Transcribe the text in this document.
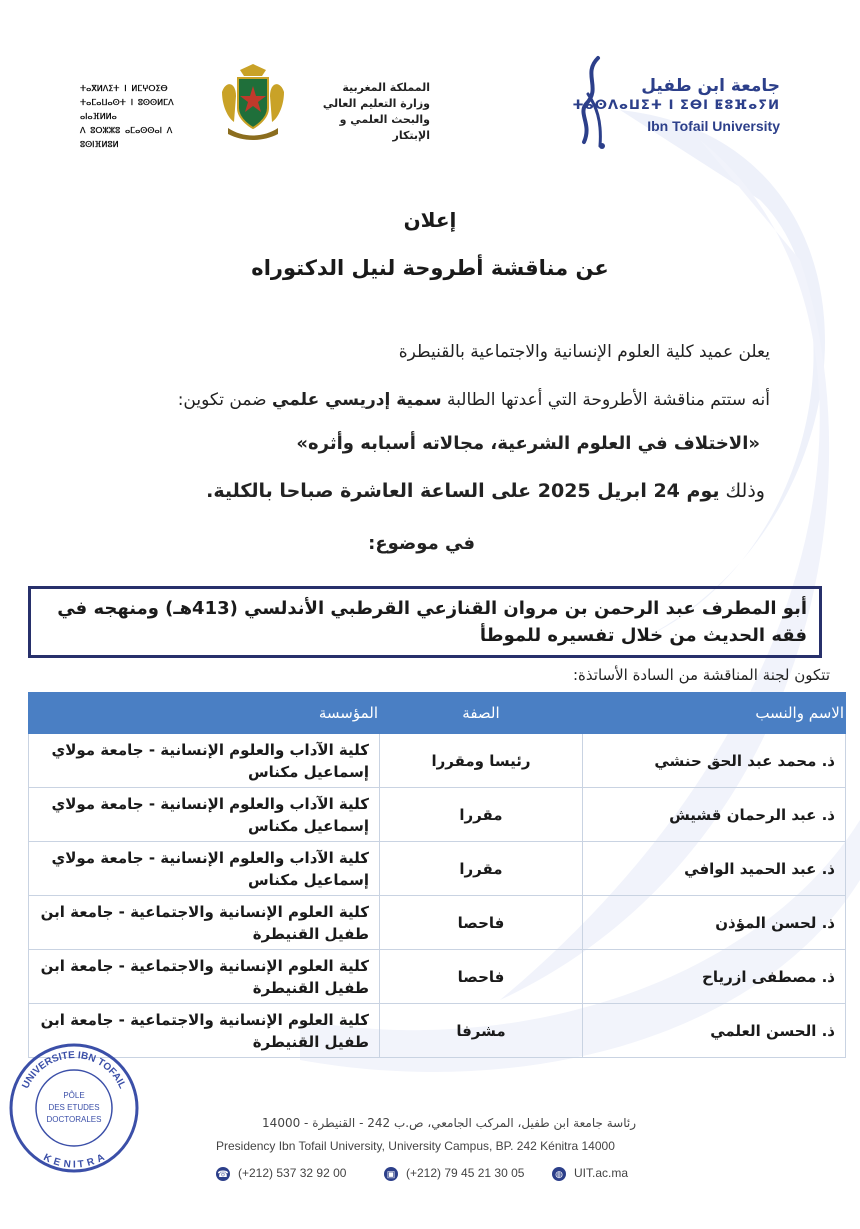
جامعة ابن طفيل
ⵜⴰⵙⴷⴰⵡⵉⵜ ⵏ ⵉⴱⵏ ⵟⵓⴼⴰⵢⵍ
Ibn Tofail University
المملكة المغربية
وزارة التعليم العالي
والبحث العلمي و الإبتكار
ⵜⴰⴳⵍⴷⵉⵜ ⵏ ⵍⵎⵖⵔⵉⴱ
ⵜⴰⵎⴰⵡⴰⵙⵜ ⵏ ⵓⵙⵙⵍⵎⴷ ⴰⵏⴰⴼⵍⵍⴰ
ⴷ ⵓⵔⵣⵣⵓ ⴰⵎⴰⵙⵙⴰⵏ ⴷ ⵓⵙⵏⴼⵍⵓⵍ
إعلان
عن مناقشة أطروحة لنيل الدكتوراه
يعلن عميد كلية العلوم الإنسانية والاجتماعية بالقنيطرة
أنه ستتم مناقشة الأطروحة التي أعدتها الطالبة سمية إدريسي علمي ضمن تكوين:
«الاختلاف في العلوم الشرعية، مجالاته أسبابه وأثره»
وذلك يوم 24 ابريل 2025 على الساعة العاشرة صباحا بالكلية.
في موضوع:
أبو المطرف عبد الرحمن بن مروان القنازعي القرطبي الأندلسي (413هـ) ومنهجه في فقه الحديث من خلال تفسيره للموطأ
تتكون لجنة المناقشة من السادة الأساتذة:
الاسم والنسب	الصفة	المؤسسة
ذ. محمد عبد الحق حنشي	رئيسا ومقررا	كلية الآداب والعلوم الإنسانية - جامعة مولاي إسماعيل مكناس
ذ. عبد الرحمان قشيش	مقررا	كلية الآداب والعلوم الإنسانية - جامعة مولاي إسماعيل مكناس
ذ. عبد الحميد الوافي	مقررا	كلية الآداب والعلوم الإنسانية - جامعة مولاي إسماعيل مكناس
ذ. لحسن المؤذن	فاحصا	كلية العلوم الإنسانية والاجتماعية - جامعة ابن طفيل القنيطرة
ذ. مصطفى ازرياح	فاحصا	كلية العلوم الإنسانية والاجتماعية - جامعة ابن طفيل القنيطرة
ذ. الحسن العلمي	مشرفا	كلية العلوم الإنسانية والاجتماعية - جامعة ابن طفيل القنيطرة
UNIVERSITE IBN TOFAIL
KENITRA
PÔLE
DES ETUDES
DOCTORALES	رئاسة جامعة ابن طفيل، المركب الجامعي، ص.ب 242 - القنيطرة - 14000
Presidency Ibn Tofail University, University Campus, BP. 242 Kénitra 14000
☎ (+212) 537 32 92 00	▣ (+212) 79 45 21 30 05	◍ UIT.ac.ma
